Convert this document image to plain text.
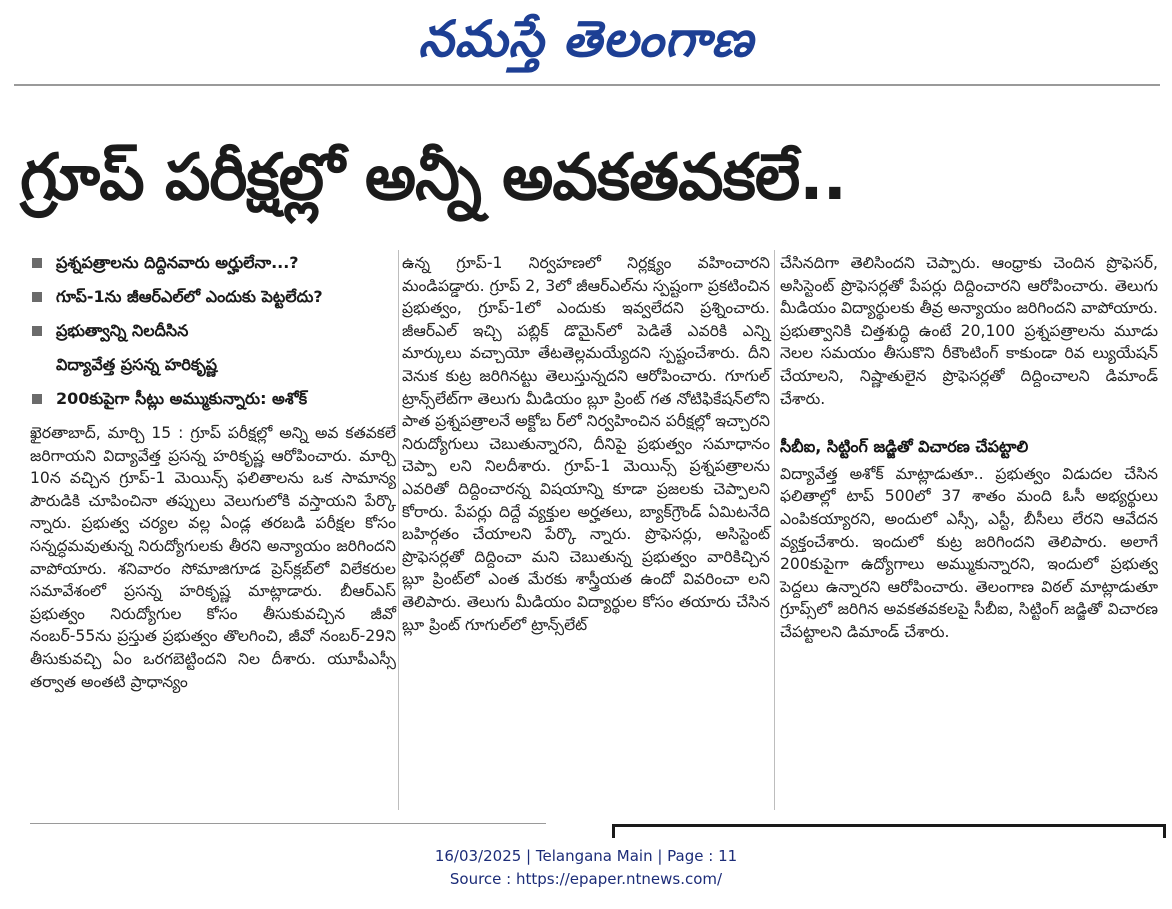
నమస్తే తెలంగాణ
గ్రూప్ పరీక్షల్లో అన్నీ అవకతవకలే..
ప్రశ్నపత్రాలను దిద్దినవారు అర్హులేనా...?
గూప్-1ను జీఆర్‌ఎల్‌లో ఎందుకు పెట్టలేదు?
ప్రభుత్వాన్ని నిలదీసిన
విద్యావేత్త ప్రసన్న హరికృష్ణ
200కుపైగా సీట్లు అమ్ముకున్నారు: అశోక్

ఖైరతాబాద్, మార్చి 15 : గ్రూప్ పరీక్షల్లో అన్ని అవ కతవకలే జరిగాయని విద్యావేత్త ప్రసన్న హరికృష్ణ ఆరోపించారు. మార్చి 10న వచ్చిన గ్రూప్-1 మెయిన్స్ ఫలితాలను ఒక సామాన్య పౌరుడికి చూపించినా తప్పులు వెలుగులోకి వస్తాయని పేర్కొ న్నారు. ప్రభుత్వ చర్యల వల్ల ఏండ్ల తరబడి పరీక్షల కోసం సన్నద్ధమవుతున్న నిరుద్యోగులకు తీరని అన్యాయం జరిగిందని వాపోయారు. శనివారం సోమాజిగూడ ప్రెస్‌క్లబ్‌లో విలేకరుల సమావేశంలో ప్రసన్న హరికృష్ణ మాట్లాడారు. బీఆర్‌ఎస్ ప్రభుత్వం నిరుద్యోగుల కోసం తీసుకువచ్చిన జీవో నంబర్-55ను ప్రస్తుత ప్రభుత్వం తొలగించి, జీవో నంబర్-29ని తీసుకువచ్చి ఏం ఒరగబెట్టిందని నిల దీశారు. యూపీఎస్సీ తర్వాత అంతటి ప్రాధాన్యం

ఉన్న గ్రూప్-1 నిర్వహణలో నిర్లక్ష్యం వహించారని మండిపడ్డారు. గ్రూప్ 2, 3లో జీఆర్‌ఎల్‌ను స్పష్టంగా ప్రకటించిన ప్రభుత్వం, గ్రూప్-1లో ఎందుకు ఇవ్వలేదని ప్రశ్నించారు. జీఆర్‌ఎల్ ఇచ్చి పబ్లిక్ డొమైన్‌లో పెడితే ఎవరికి ఎన్ని మార్కులు వచ్చాయో తేటతెల్లమయ్యేదని స్పష్టంచేశారు. దీని వెనుక కుట్ర జరిగినట్టు తెలుస్తున్నదని ఆరోపించారు. గూగుల్ ట్రాన్స్‌లేట్‌గా తెలుగు మీడియం బ్లూ ప్రింట్ గత నోటిఫికేషన్‌లోని పాత ప్రశ్నపత్రాలనే అక్టోబ ర్‌లో నిర్వహించిన పరీక్షల్లో ఇచ్చారని నిరుద్యోగులు చెబుతున్నారని, దీనిపై ప్రభుత్వం సమాధానం చెప్పా లని నిలదీశారు. గ్రూప్-1 మెయిన్స్ ప్రశ్నపత్రాలను ఎవరితో దిద్దించారన్న విషయాన్ని కూడా ప్రజలకు చెప్పాలని కోరారు. పేపర్లు దిద్దే వ్యక్తుల అర్హతలు, బ్యాక్‌గ్రౌండ్ ఏమిటనేది బహిర్గతం చేయాలని పేర్కొ న్నారు. ప్రొఫెసర్లు, అసిస్టెంట్ ప్రొఫెసర్లతో దిద్దించా మని చెబుతున్న ప్రభుత్వం వారికిచ్చిన బ్లూ ప్రింట్‌లో ఎంత మేరకు శాస్త్రీయత ఉందో వివరించా లని తెలిపారు. తెలుగు మీడియం విద్యార్థుల కోసం తయారు చేసిన బ్లూ ప్రింట్ గూగుల్‌లో ట్రాన్స్‌లేట్

చేసినదిగా తెలిసిందని చెప్పారు. ఆంధ్రాకు చెందిన ప్రొఫెసర్, అసిస్టెంట్ ప్రొఫెసర్లతో పేపర్లు దిద్దించారని ఆరోపించారు. తెలుగు మీడియం విద్యార్థులకు తీవ్ర అన్యాయం జరిగిందని వాపోయారు. ప్రభుత్వానికి చిత్తశుద్ధి ఉంటే 20,100 ప్రశ్నపత్రాలను మూడు నెలల సమయం తీసుకొని రీకౌంటింగ్ కాకుండా రివ ల్యుయేషన్ చేయాలని, నిష్ణాతులైన ప్రొఫెసర్లతో దిద్దించాలని డిమాండ్ చేశారు.

సీబీఐ, సిట్టింగ్ జడ్జితో విచారణ చేపట్టాలి

విద్యావేత్త అశోక్ మాట్లాడుతూ.. ప్రభుత్వం విడుదల చేసిన ఫలితాల్లో టాప్ 500లో 37 శాతం మంది ఓసీ అభ్యర్థులు ఎంపికయ్యారని, అందులో ఎస్సీ, ఎస్టీ, బీసీలు లేరని ఆవేదన వ్యక్తంచేశారు. ఇందులో కుట్ర జరిగిందని తెలిపారు. అలాగే 200కుపైగా ఉద్యోగాలు అమ్ముకున్నారని, ఇందులో ప్రభుత్వ పెద్దలు ఉన్నారని ఆరోపించారు. తెలంగాణ విఠల్ మాట్లాడుతూ గ్రూప్స్‌లో జరిగిన అవకతవకలపై సీబీఐ, సిట్టింగ్ జడ్జితో విచారణ చేపట్టాలని డిమాండ్ చేశారు.

16/03/2025 | Telangana Main | Page : 11
Source : https://epaper.ntnews.com/
